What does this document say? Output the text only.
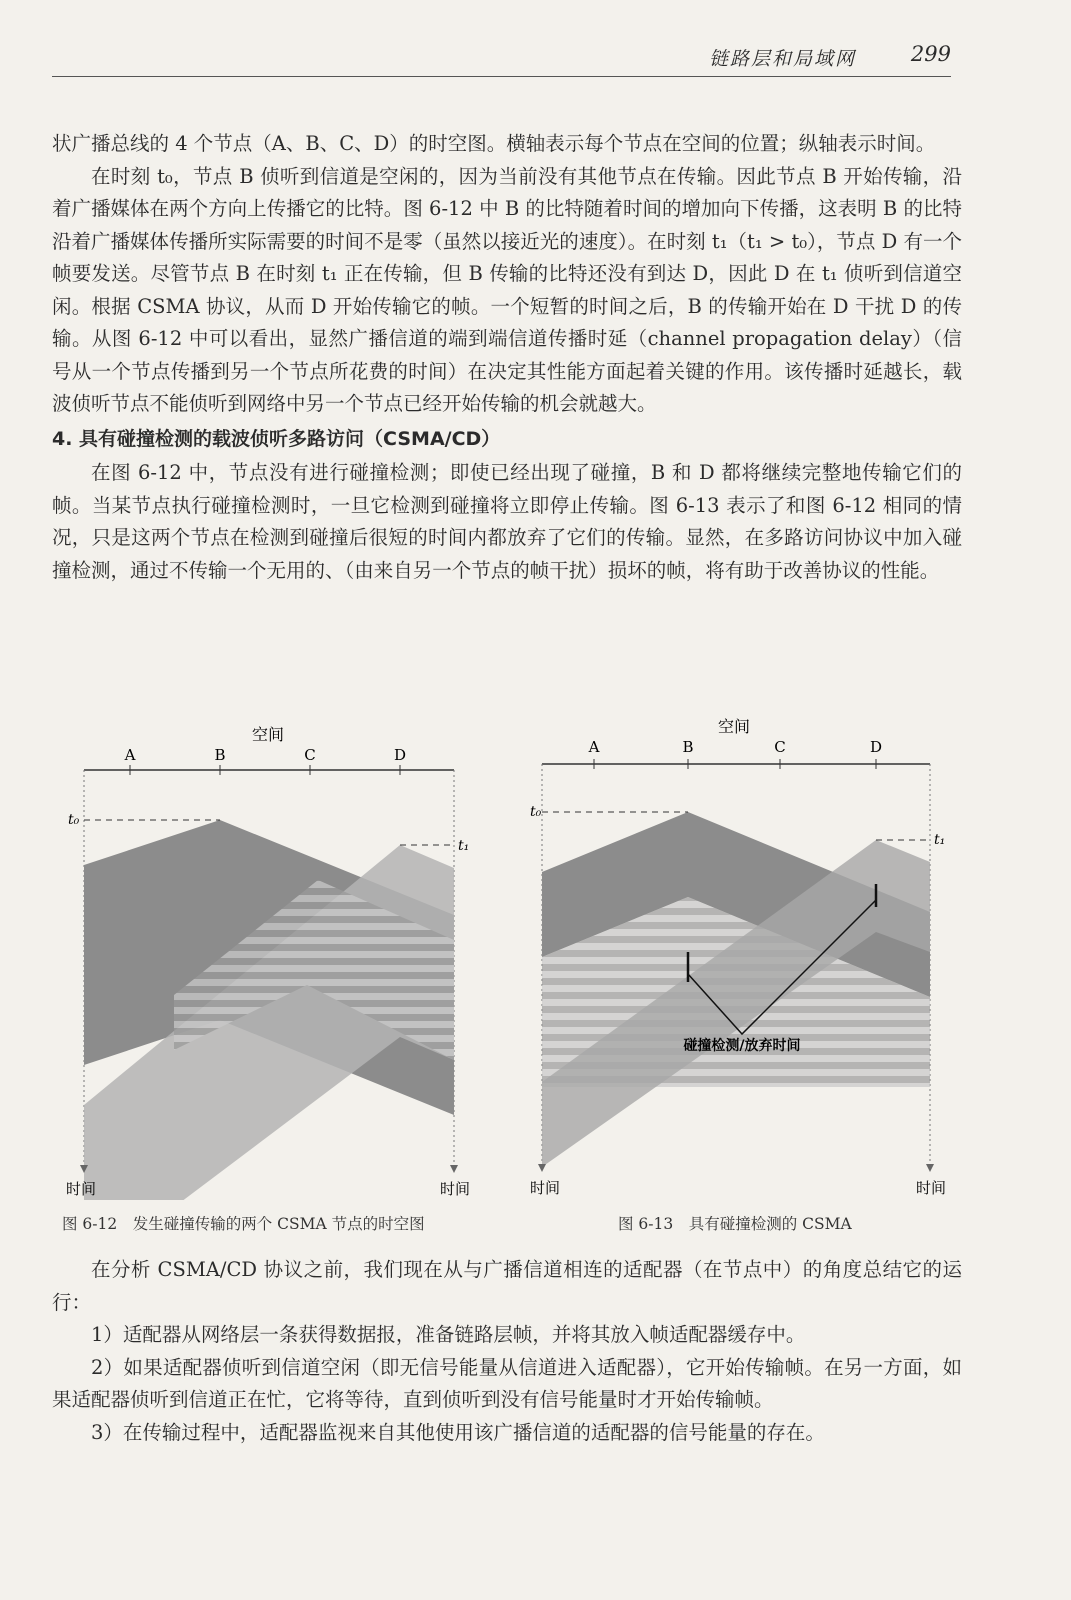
链路层和局域网	299

状广播总线的 4 个节点（A、B、C、D）的时空图。横轴表示每个节点在空间的位置；纵轴表示时间。

在时刻 t₀，节点 B 侦听到信道是空闲的，因为当前没有其他节点在传输。因此节点 B 开始传输，沿着广播媒体在两个方向上传播它的比特。图 6-12 中 B 的比特随着时间的增加向下传播，这表明 B 的比特沿着广播媒体传播所实际需要的时间不是零（虽然以接近光的速度）。在时刻 t₁（t₁ > t₀），节点 D 有一个帧要发送。尽管节点 B 在时刻 t₁ 正在传输，但 B 传输的比特还没有到达 D，因此 D 在 t₁ 侦听到信道空闲。根据 CSMA 协议，从而 D 开始传输它的帧。一个短暂的时间之后，B 的传输开始在 D 干扰 D 的传输。从图 6-12 中可以看出，显然广播信道的端到端信道传播时延（channel propagation delay）（信号从一个节点传播到另一个节点所花费的时间）在决定其性能方面起着关键的作用。该传播时延越长，载波侦听节点不能侦听到网络中另一个节点已经开始传输的机会就越大。

4. 具有碰撞检测的载波侦听多路访问（CSMA/CD）

在图 6-12 中，节点没有进行碰撞检测；即使已经出现了碰撞，B 和 D 都将继续完整地传输它们的帧。当某节点执行碰撞检测时，一旦它检测到碰撞将立即停止传输。图 6-13 表示了和图 6-12 相同的情况，只是这两个节点在检测到碰撞后很短的时间内都放弃了它们的传输。显然，在多路访问协议中加入碰撞检测，通过不传输一个无用的、（由来自另一个节点的帧干扰）损坏的帧，将有助于改善协议的性能。

空间
A	B	C	D
t₀
t₁
时间	时间
图 6-12　发生碰撞传输的两个 CSMA 节点的时空图
空间
A	B	C	D
t₀
t₁
碰撞检测/放弃时间
时间	时间
图 6-13　具有碰撞检测的 CSMA

在分析 CSMA/CD 协议之前，我们现在从与广播信道相连的适配器（在节点中）的角度总结它的运行：

1）适配器从网络层一条获得数据报，准备链路层帧，并将其放入帧适配器缓存中。

2）如果适配器侦听到信道空闲（即无信号能量从信道进入适配器），它开始传输帧。在另一方面，如果适配器侦听到信道正在忙，它将等待，直到侦听到没有信号能量时才开始传输帧。

3）在传输过程中，适配器监视来自其他使用该广播信道的适配器的信号能量的存在。
